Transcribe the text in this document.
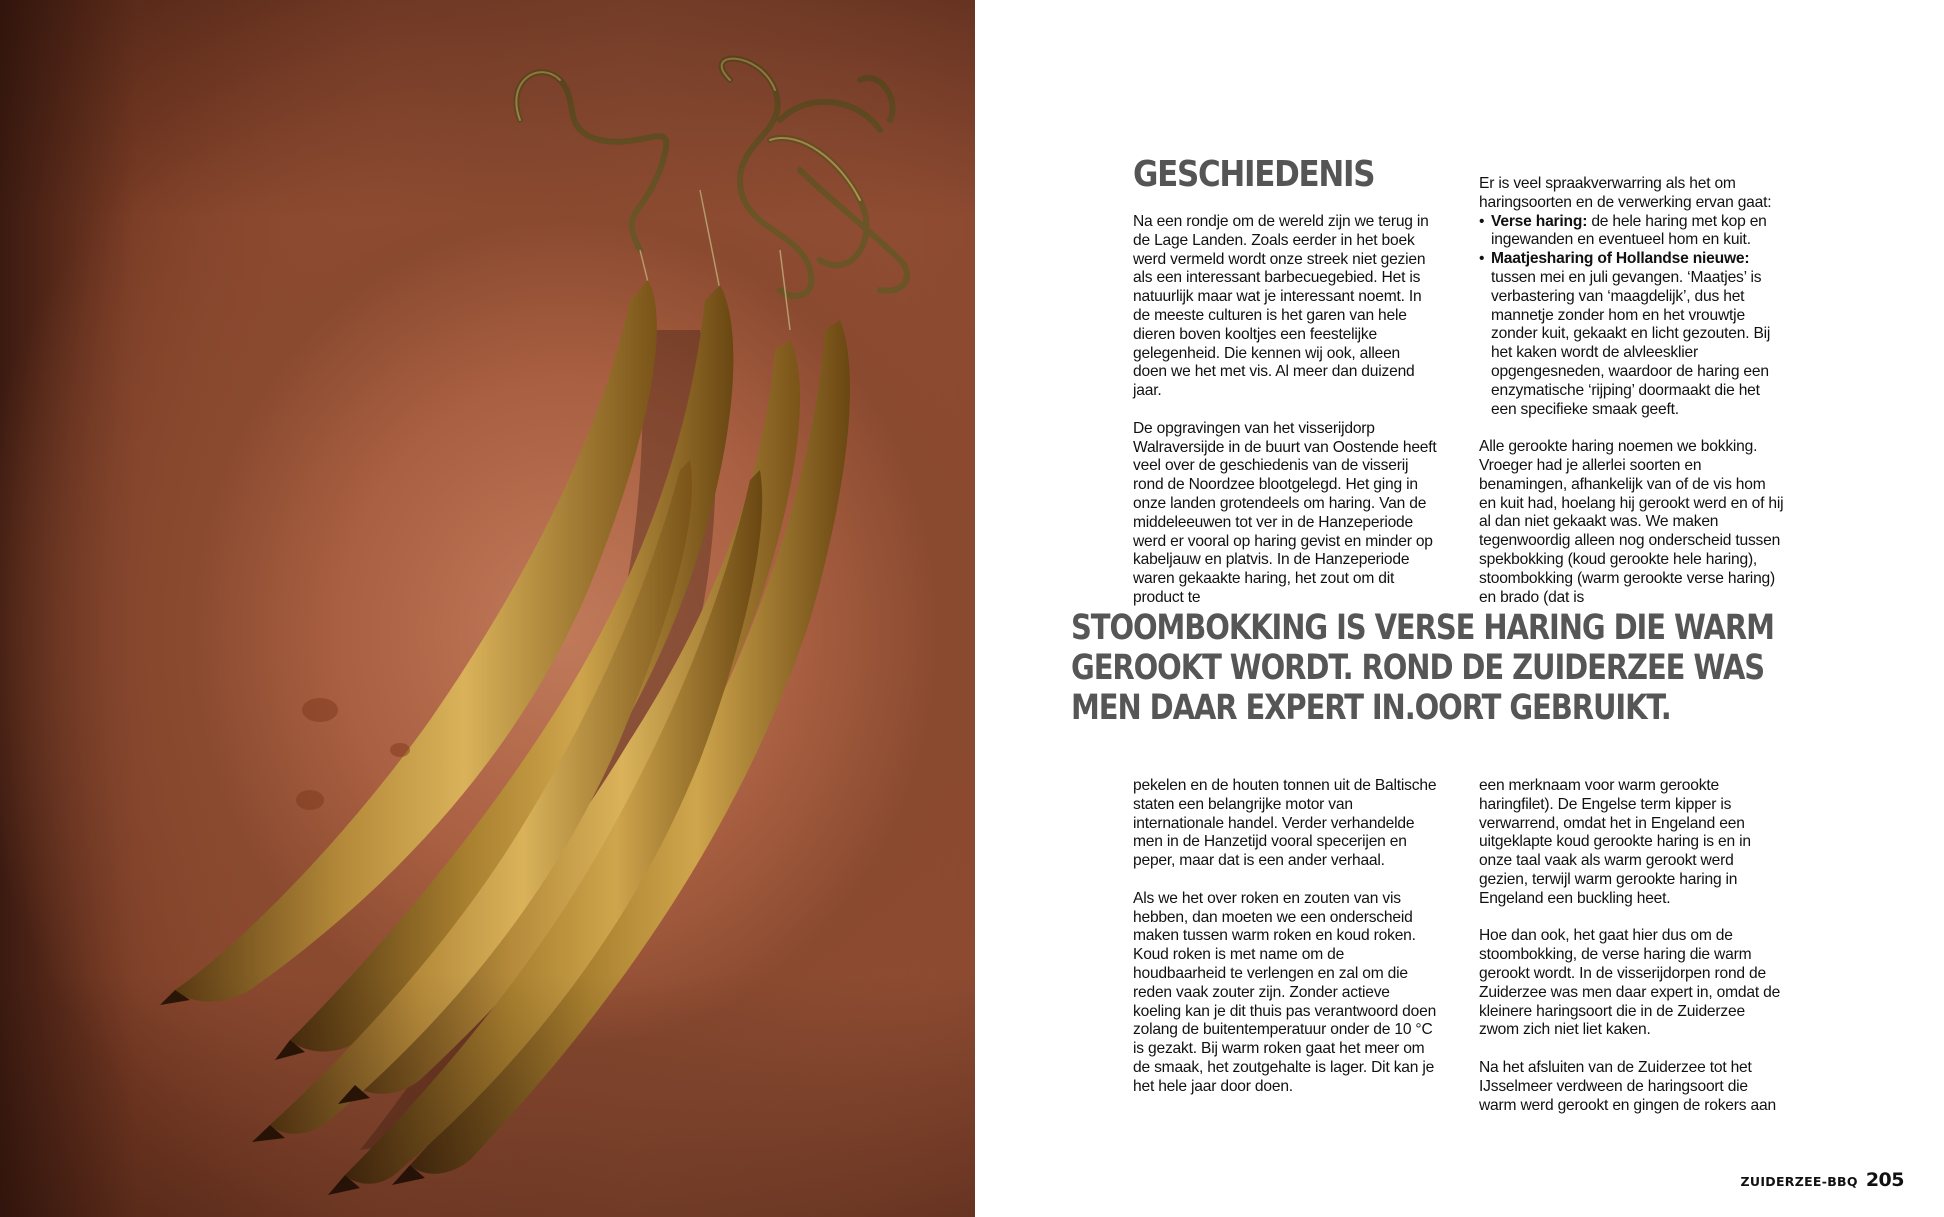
GESCHIEDENIS

Na een rondje om de wereld zijn we terug in de Lage Landen. Zoals eerder in het boek werd vermeld wordt onze streek niet gezien als een interessant barbecuegebied. Het is natuurlijk maar wat je interessant noemt. In de meeste culturen is het garen van hele dieren boven kooltjes een feestelijke gelegenheid. Die kennen wij ook, alleen doen we het met vis. Al meer dan duizend jaar.

De opgravingen van het visserijdorp Walraversijde in de buurt van Oostende heeft veel over de geschiedenis van de visserij rond de Noordzee blootgelegd. Het ging in onze landen grotendeels om haring. Van de middeleeuwen tot ver in de Hanzeperiode werd er vooral op haring gevist en minder op kabeljauw en platvis. In de Hanzeperiode waren gekaakte haring, het zout om dit product te

Er is veel spraakverwarring als het om haringsoorten en de verwerking ervan gaat:
• Verse haring: de hele haring met kop en ingewanden en eventueel hom en kuit.
• Maatjesharing of Hollandse nieuwe: tussen mei en juli gevangen. ‘Maatjes’ is verbastering van ‘maagdelijk’, dus het mannetje zonder hom en het vrouwtje zonder kuit, gekaakt en licht gezouten. Bij het kaken wordt de alvleesklier opgengesneden, waardoor de haring een enzymatische ‘rijping’ doormaakt die het een specifieke smaak geeft.

Alle gerookte haring noemen we bokking. Vroeger had je allerlei soorten en benamingen, afhankelijk van of de vis hom en kuit had, hoelang hij gerookt werd en of hij al dan niet gekaakt was. We maken tegenwoordig alleen nog onderscheid tussen spekbokking (koud gerookte hele haring), stoombokking (warm gerookte verse haring) en brado (dat is

STOOMBOKKING IS VERSE HARING DIE WARM
GEROOKT WORDT. ROND DE ZUIDERZEE WAS
MEN DAAR EXPERT IN.OORT GEBRUIKT.

pekelen en de houten tonnen uit de Baltische staten een belangrijke motor van internationale handel. Verder verhandelde men in de Hanzetijd vooral specerijen en peper, maar dat is een ander verhaal.

Als we het over roken en zouten van vis hebben, dan moeten we een onderscheid maken tussen warm roken en koud roken. Koud roken is met name om de houdbaarheid te verlengen en zal om die reden vaak zouter zijn. Zonder actieve koeling kan je dit thuis pas verantwoord doen zolang de buitentemperatuur onder de 10 °C is gezakt. Bij warm roken gaat het meer om de smaak, het zoutgehalte is lager. Dit kan je het hele jaar door doen.

een merknaam voor warm gerookte haringfilet). De Engelse term kipper is verwarrend, omdat het in Engeland een uitgeklapte koud gerookte haring is en in onze taal vaak als warm gerookt werd gezien, terwijl warm gerookte haring in Engeland een buckling heet.

Hoe dan ook, het gaat hier dus om de stoombokking, de verse haring die warm gerookt wordt. In de visserijdorpen rond de Zuiderzee was men daar expert in, omdat de kleinere haringsoort die in de Zuiderzee zwom zich niet liet kaken.

Na het afsluiten van de Zuiderzee tot het IJsselmeer verdween de haringsoort die warm werd gerookt en gingen de rokers aan

ZUIDERZEE-BBQ 205
